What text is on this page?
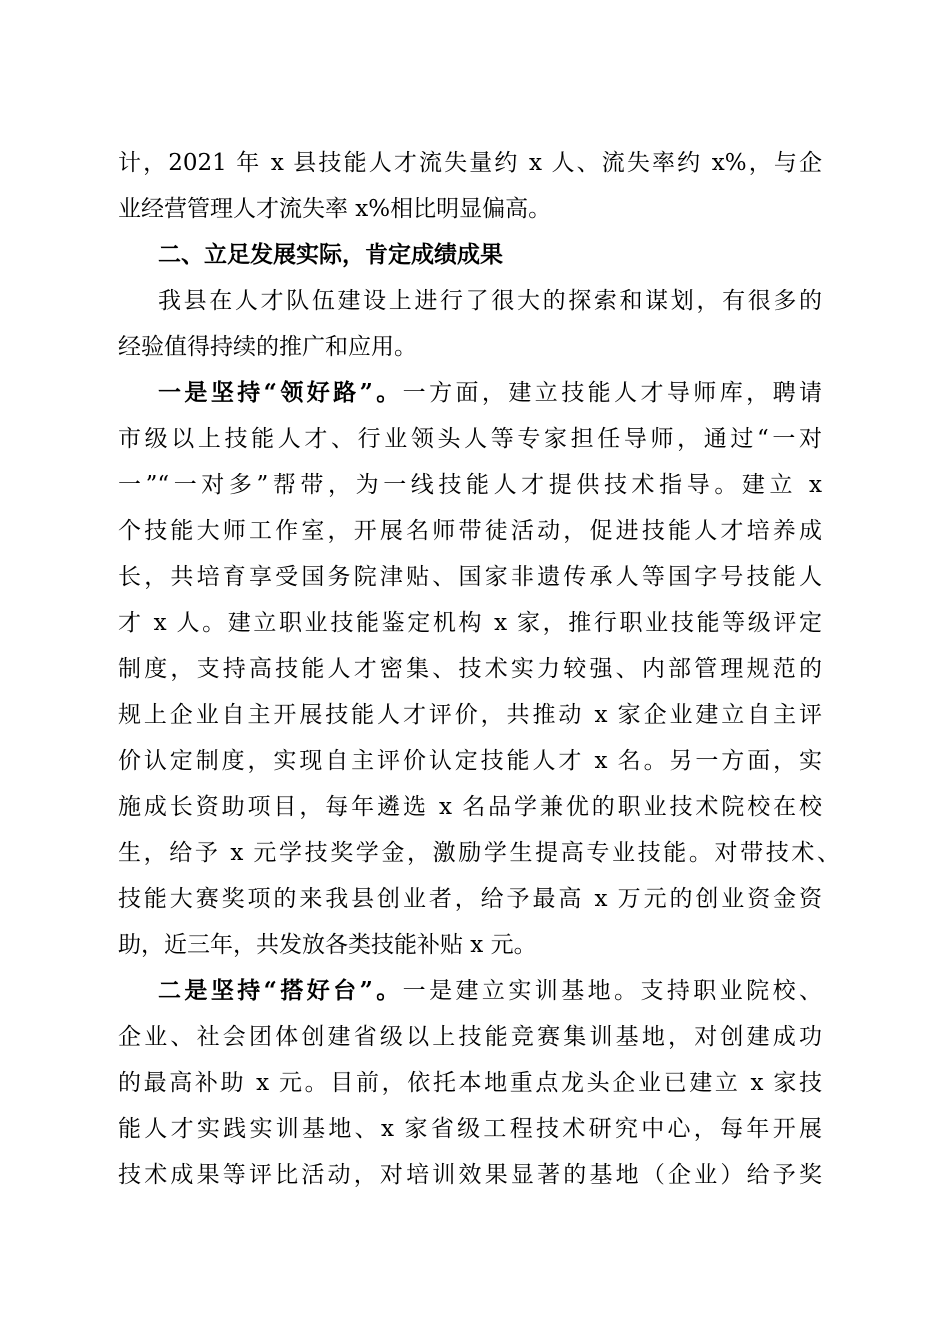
计，2021 年 x 县技能人才流失量约 x 人、流失率约 x%，与企
业经营管理人才流失率 x%相比明显偏高。
二、立足发展实际，肯定成绩成果
我县在人才队伍建设上进行了很大的探索和谋划，有很多的
经验值得持续的推广和应用。
一是坚持“领好路”。一方面，建立技能人才导师库，聘请
市级以上技能人才、行业领头人等专家担任导师，通过“一对
一”“一对多”帮带，为一线技能人才提供技术指导。建立 x
个技能大师工作室，开展名师带徒活动，促进技能人才培养成
长，共培育享受国务院津贴、国家非遗传承人等国字号技能人
才 x 人。建立职业技能鉴定机构 x 家，推行职业技能等级评定
制度，支持高技能人才密集、技术实力较强、内部管理规范的
规上企业自主开展技能人才评价，共推动 x 家企业建立自主评
价认定制度，实现自主评价认定技能人才 x 名。另一方面，实
施成长资助项目，每年遴选 x 名品学兼优的职业技术院校在校
生，给予 x 元学技奖学金，激励学生提高专业技能。对带技术、
技能大赛奖项的来我县创业者，给予最高 x 万元的创业资金资
助，近三年，共发放各类技能补贴 x 元。
二是坚持“搭好台”。一是建立实训基地。支持职业院校、
企业、社会团体创建省级以上技能竞赛集训基地，对创建成功
的最高补助 x 元。目前，依托本地重点龙头企业已建立 x 家技
能人才实践实训基地、x 家省级工程技术研究中心，每年开展
技术成果等评比活动，对培训效果显著的基地（企业）给予奖
